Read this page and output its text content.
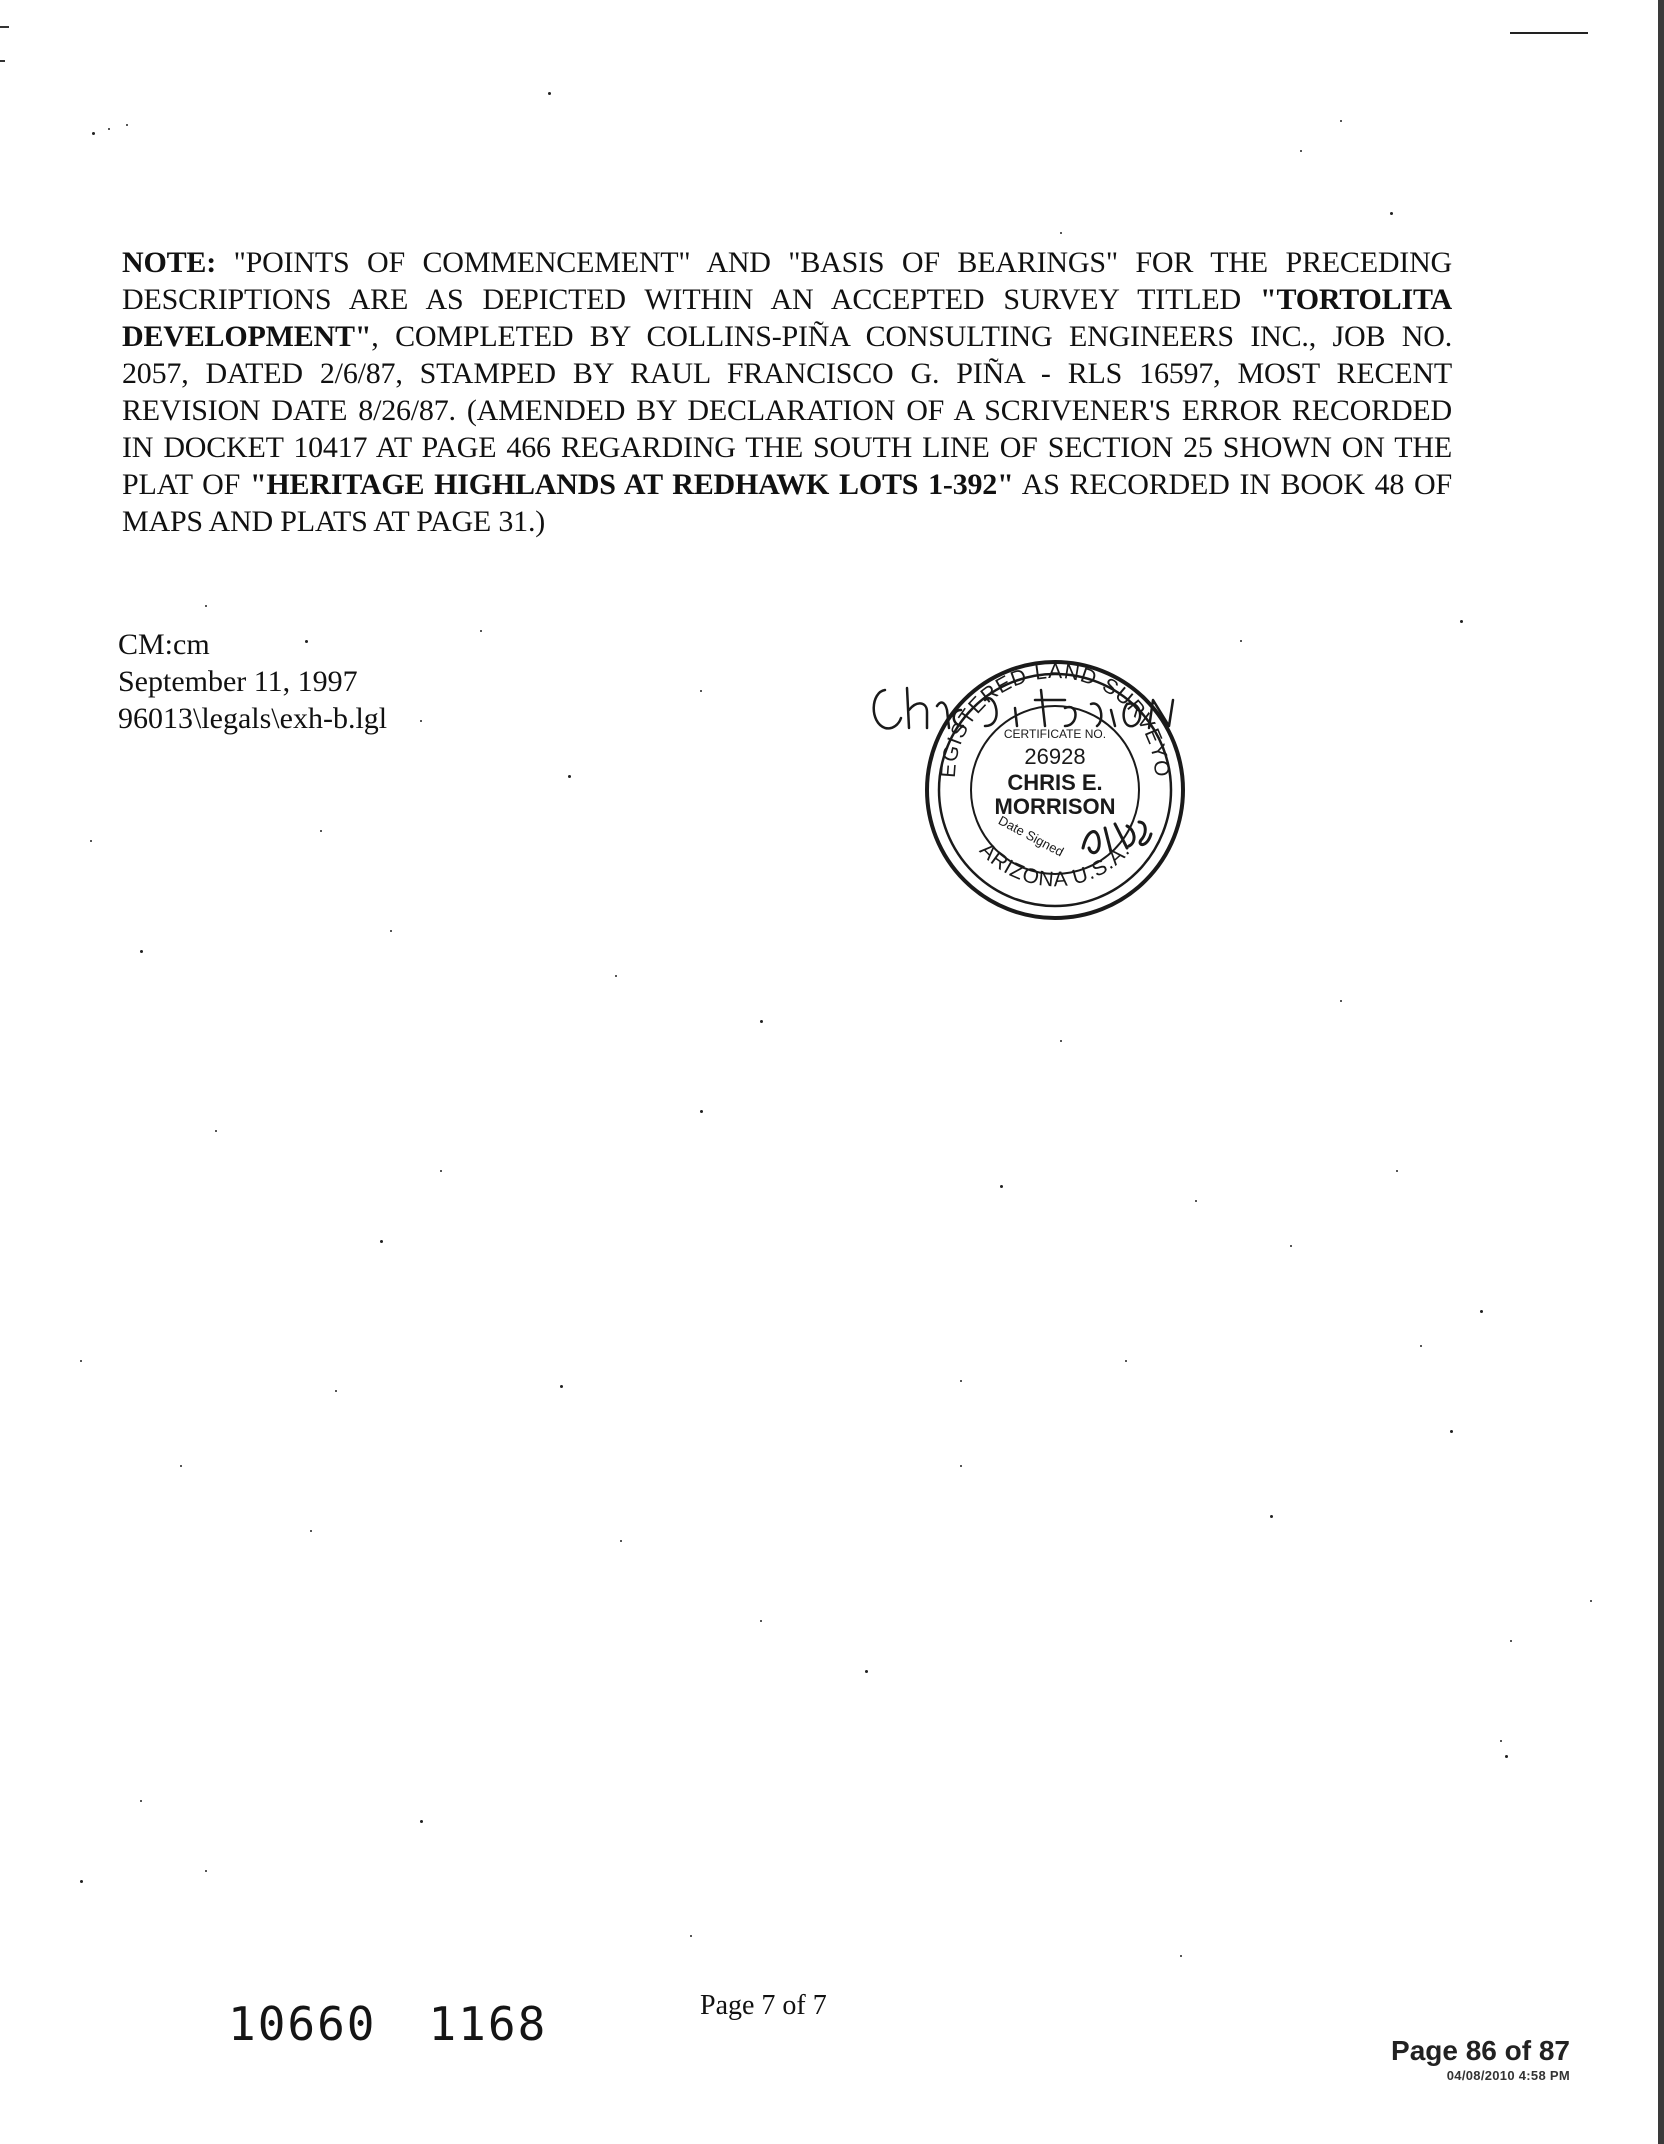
NOTE: "POINTS OF COMMENCEMENT" AND "BASIS OF BEARINGS" FOR THE PRECEDING DESCRIPTIONS ARE AS DEPICTED WITHIN AN ACCEPTED SURVEY TITLED "TORTOLITA DEVELOPMENT", COMPLETED BY COLLINS-PIÑA CONSULTING ENGINEERS INC., JOB NO. 2057, DATED 2/6/87, STAMPED BY RAUL FRANCISCO G. PIÑA - RLS 16597, MOST RECENT REVISION DATE 8/26/87. (AMENDED BY DECLARATION OF A SCRIVENER'S ERROR RECORDED IN DOCKET 10417 AT PAGE 466 REGARDING THE SOUTH LINE OF SECTION 25 SHOWN ON THE PLAT OF "HERITAGE HIGHLANDS AT REDHAWK LOTS 1-392" AS RECORDED IN BOOK 48 OF MAPS AND PLATS AT PAGE 31.)
CM:cm
September 11, 1997
96013\legals\exh-b.lgl
EGISTERED LAND SURVEYO
ARIZONA U.S.A.
CERTIFICATE NO.
26928
CHRIS E.
MORRISON
Date Signed
10660 1168	Page 7 of 7
Page 86 of 87
04/08/2010 4:58 PM
